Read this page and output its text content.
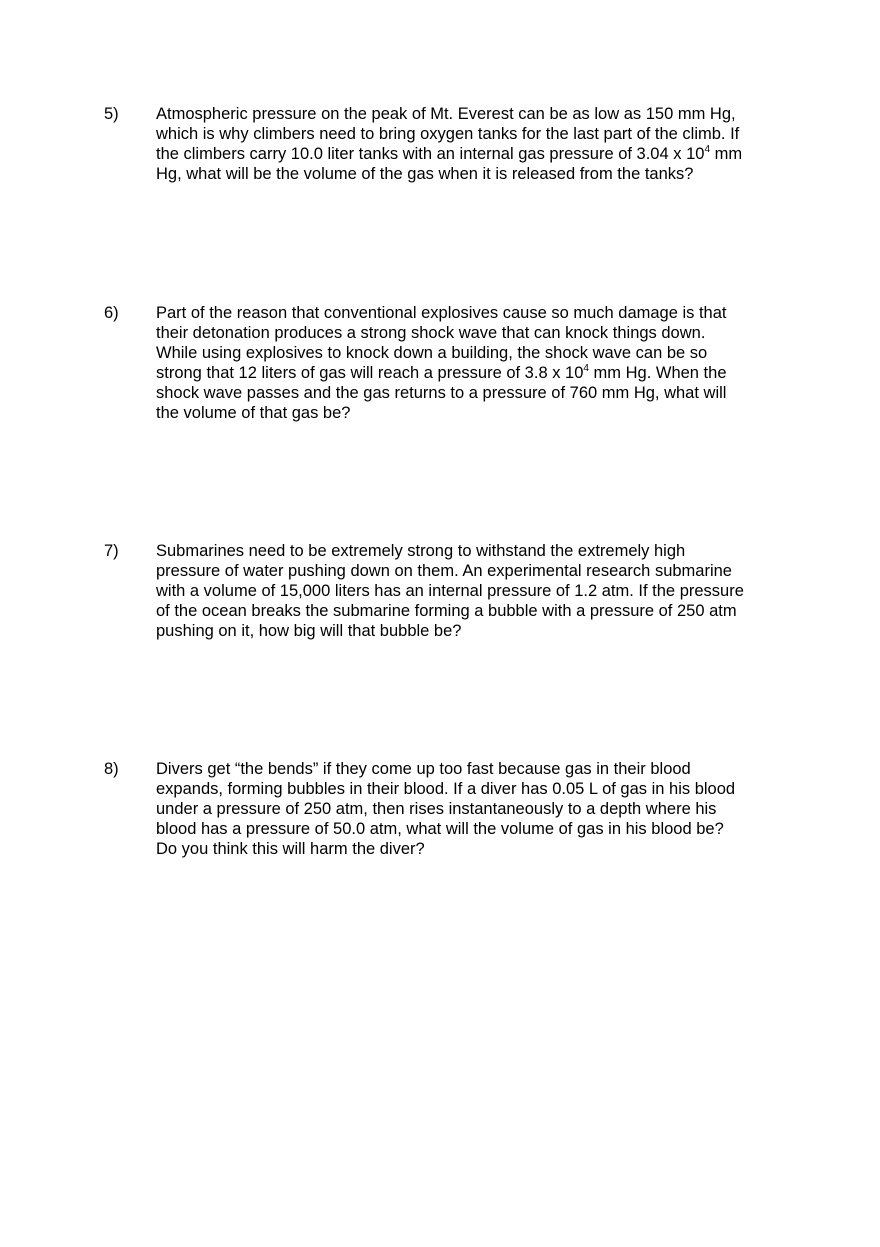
5) Atmospheric pressure on the peak of Mt. Everest can be as low as 150 mm Hg,
which is why climbers need to bring oxygen tanks for the last part of the climb. If
the climbers carry 10.0 liter tanks with an internal gas pressure of 3.04 x $10^4$ mm
Hg, what will be the volume of the gas when it is released from the tanks?
6) Part of the reason that conventional explosives cause so much damage is that
their detonation produces a strong shock wave that can knock things down.
While using explosives to knock down a building, the shock wave can be so
strong that 12 liters of gas will reach a pressure of 3.8 x $10^4$ mm Hg. When the
shock wave passes and the gas returns to a pressure of 760 mm Hg, what will
the volume of that gas be?
7) Submarines need to be extremely strong to withstand the extremely high
pressure of water pushing down on them. An experimental research submarine
with a volume of 15,000 liters has an internal pressure of 1.2 atm. If the pressure
of the ocean breaks the submarine forming a bubble with a pressure of 250 atm
pushing on it, how big will that bubble be?
8) Divers get “the bends” if they come up too fast because gas in their blood
expands, forming bubbles in their blood. If a diver has 0.05 L of gas in his blood
under a pressure of 250 atm, then rises instantaneously to a depth where his
blood has a pressure of 50.0 atm, what will the volume of gas in his blood be?
Do you think this will harm the diver?
